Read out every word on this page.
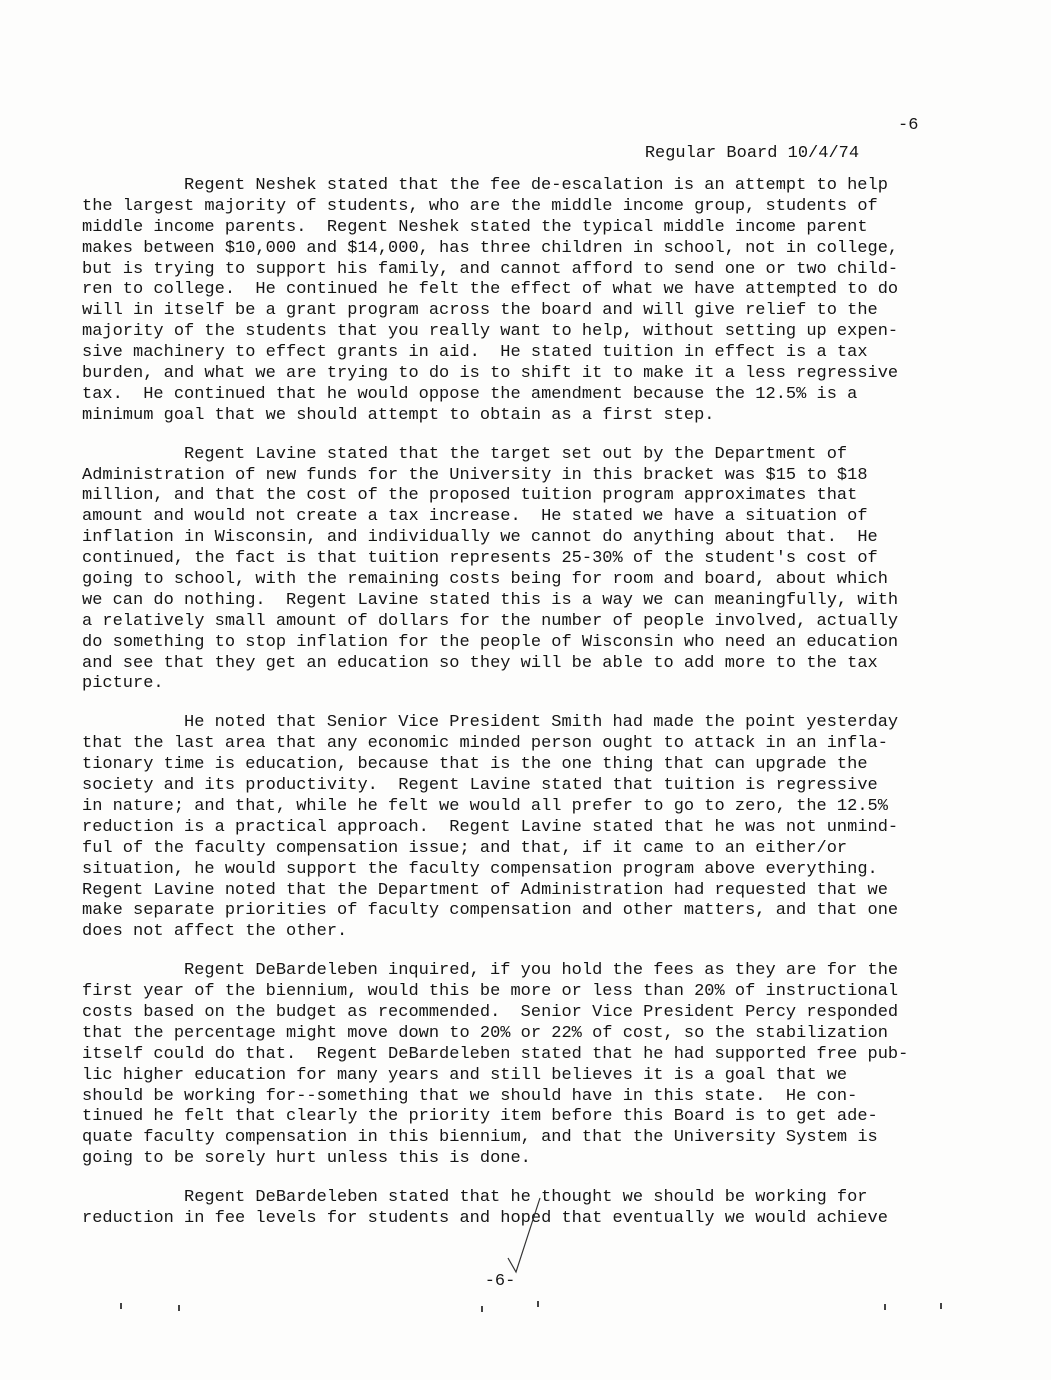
Regular Board 10/4/74

-6

Regent Neshek stated that the fee de-escalation is an attempt to help
the largest majority of students, who are the middle income group, students of
middle income parents.  Regent Neshek stated the typical middle income parent
makes between $10,000 and $14,000, has three children in school, not in college,
but is trying to support his family, and cannot afford to send one or two child-
ren to college.  He continued he felt the effect of what we have attempted to do
will in itself be a grant program across the board and will give relief to the
majority of the students that you really want to help, without setting up expen-
sive machinery to effect grants in aid.  He stated tuition in effect is a tax
burden, and what we are trying to do is to shift it to make it a less regressive
tax.  He continued that he would oppose the amendment because the 12.5% is a
minimum goal that we should attempt to obtain as a first step.
Regent Lavine stated that the target set out by the Department of
Administration of new funds for the University in this bracket was $15 to $18
million, and that the cost of the proposed tuition program approximates that
amount and would not create a tax increase.  He stated we have a situation of
inflation in Wisconsin, and individually we cannot do anything about that.  He
continued, the fact is that tuition represents 25-30% of the student's cost of
going to school, with the remaining costs being for room and board, about which
we can do nothing.  Regent Lavine stated this is a way we can meaningfully, with
a relatively small amount of dollars for the number of people involved, actually
do something to stop inflation for the people of Wisconsin who need an education
and see that they get an education so they will be able to add more to the tax
picture.
He noted that Senior Vice President Smith had made the point yesterday
that the last area that any economic minded person ought to attack in an infla-
tionary time is education, because that is the one thing that can upgrade the
society and its productivity.  Regent Lavine stated that tuition is regressive
in nature; and that, while he felt we would all prefer to go to zero, the 12.5%
reduction is a practical approach.  Regent Lavine stated that he was not unmind-
ful of the faculty compensation issue; and that, if it came to an either/or
situation, he would support the faculty compensation program above everything.
Regent Lavine noted that the Department of Administration had requested that we
make separate priorities of faculty compensation and other matters, and that one
does not affect the other.
Regent DeBardeleben inquired, if you hold the fees as they are for the
first year of the biennium, would this be more or less than 20% of instructional
costs based on the budget as recommended.  Senior Vice President Percy responded
that the percentage might move down to 20% or 22% of cost, so the stabilization
itself could do that.  Regent DeBardeleben stated that he had supported free pub-
lic higher education for many years and still believes it is a goal that we
should be working for--something that we should have in this state.  He con-
tinued he felt that clearly the priority item before this Board is to get ade-
quate faculty compensation in this biennium, and that the University System is
going to be sorely hurt unless this is done.
Regent DeBardeleben stated that he thought we should be working for
reduction in fee levels for students and hoped that eventually we would achieve
-6-
